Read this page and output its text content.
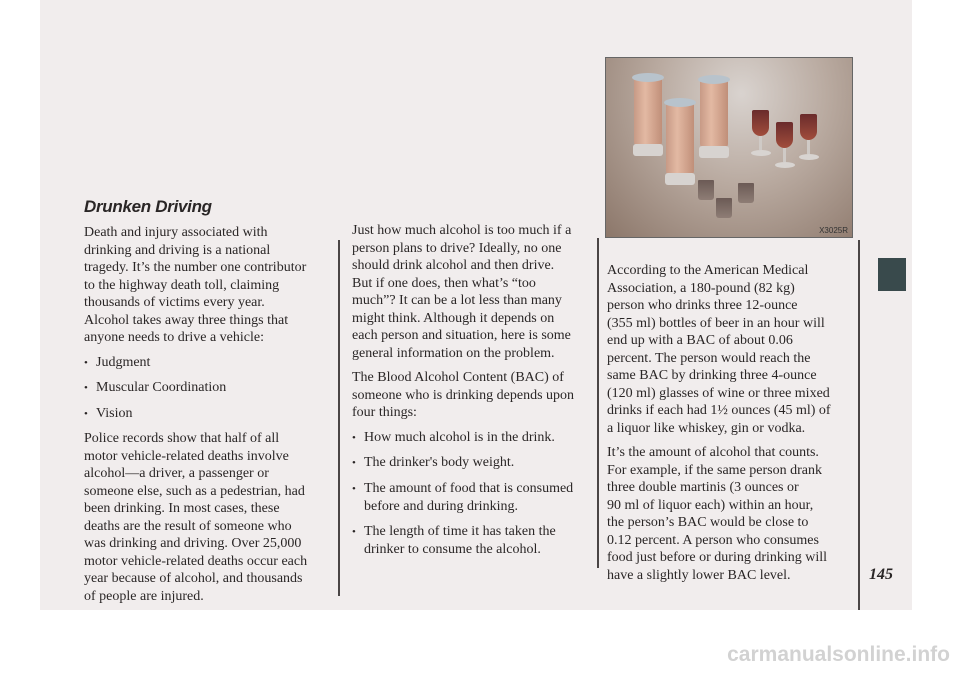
Drunken Driving
Death and injury associated with
drinking and driving is a national
tragedy. It’s the number one contributor
to the highway death toll, claiming
thousands of victims every year.
Alcohol takes away three things that
anyone needs to drive a vehicle:
• Judgment
• Muscular Coordination
• Vision
Police records show that half of all
motor vehicle-related deaths involve
alcohol—a driver, a passenger or
someone else, such as a pedestrian, had
been drinking. In most cases, these
deaths are the result of someone who
was drinking and driving. Over 25,000
motor vehicle-related deaths occur each
year because of alcohol, and thousands
of people are injured.
Just how much alcohol is too much if a
person plans to drive? Ideally, no one
should drink alcohol and then drive.
But if one does, then what’s “too
much”? It can be a lot less than many
might think. Although it depends on
each person and situation, here is some
general information on the problem.
The Blood Alcohol Content (BAC) of
someone who is drinking depends upon
four things:
• How much alcohol is in the drink.
• The drinker's body weight.
• The amount of food that is consumed
before and during drinking.
• The length of time it has taken the
drinker to consume the alcohol.
X3025R
According to the American Medical
Association, a 180-pound (82 kg)
person who drinks three 12-ounce
(355 ml) bottles of beer in an hour will
end up with a BAC of about 0.06
percent. The person would reach the
same BAC by drinking three 4-ounce
(120 ml) glasses of wine or three mixed
drinks if each had 1½ ounces (45 ml) of
a liquor like whiskey, gin or vodka.
It’s the amount of alcohol that counts.
For example, if the same person drank
three double martinis (3 ounces or
90 ml of liquor each) within an hour,
the person’s BAC would be close to
0.12 percent. A person who consumes
food just before or during drinking will
have a slightly lower BAC level.	145
carmanualsonline.info
